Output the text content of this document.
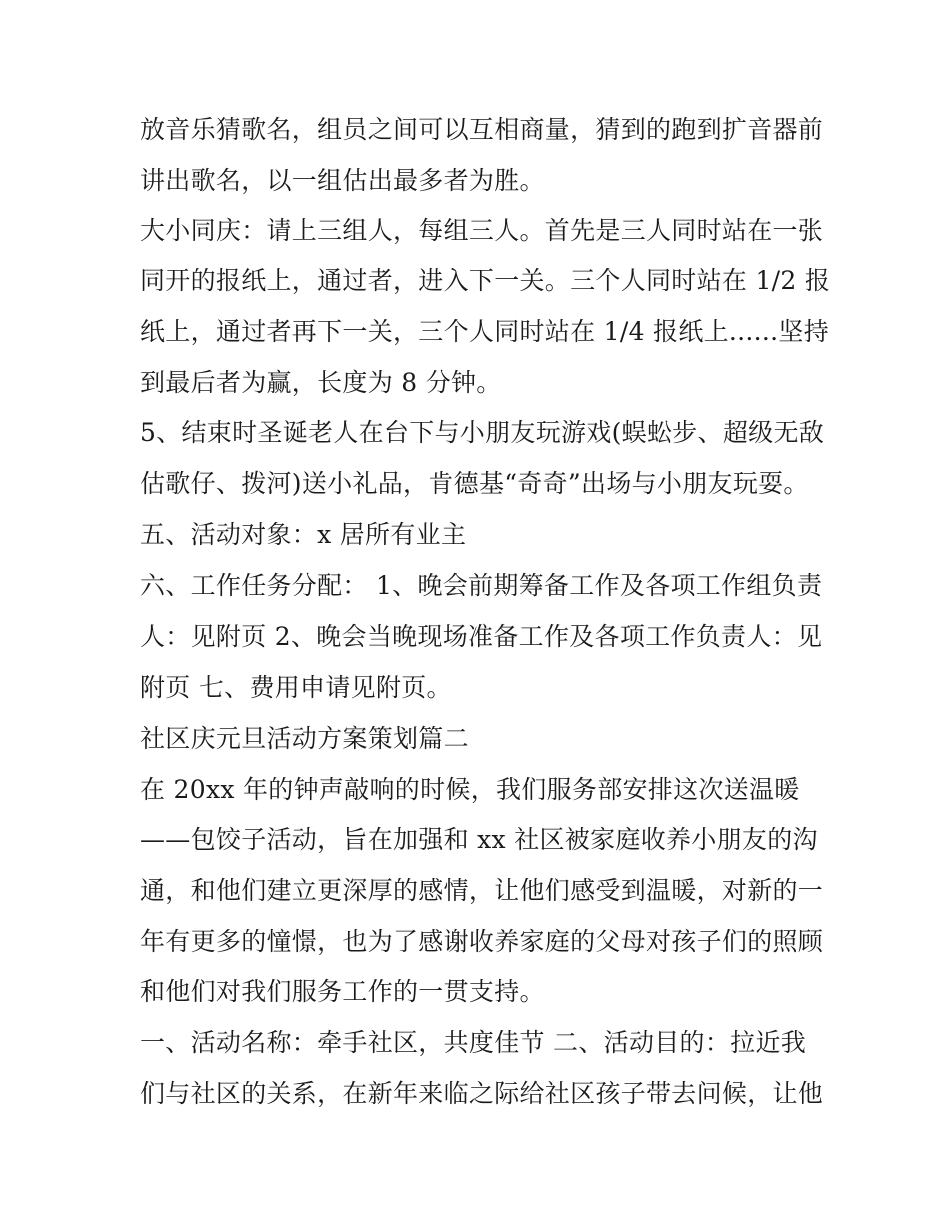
放音乐猜歌名，组员之间可以互相商量，猜到的跑到扩音器前
讲出歌名，以一组估出最多者为胜。
大小同庆：请上三组人，每组三人。首先是三人同时站在一张
同开的报纸上，通过者，进入下一关。三个人同时站在 1/2 报
纸上，通过者再下一关，三个人同时站在 1/4 报纸上......坚持
到最后者为赢，长度为 8 分钟。
5、结束时圣诞老人在台下与小朋友玩游戏(蜈蚣步、超级无敌
估歌仔、拨河)送小礼品，肯德基“奇奇”出场与小朋友玩耍。
五、活动对象：x 居所有业主
六、工作任务分配： 1、晚会前期筹备工作及各项工作组负责
人：见附页 2、晚会当晚现场准备工作及各项工作负责人：见
附页 七、费用申请见附页。
社区庆元旦活动方案策划篇二
在 20xx 年的钟声敲响的时候，我们服务部安排这次送温暖
——包饺子活动，旨在加强和 xx 社区被家庭收养小朋友的沟
通，和他们建立更深厚的感情，让他们感受到温暖，对新的一
年有更多的憧憬，也为了感谢收养家庭的父母对孩子们的照顾
和他们对我们服务工作的一贯支持。
一、活动名称：牵手社区，共度佳节 二、活动目的：拉近我
们与社区的关系，在新年来临之际给社区孩子带去问候，让他
